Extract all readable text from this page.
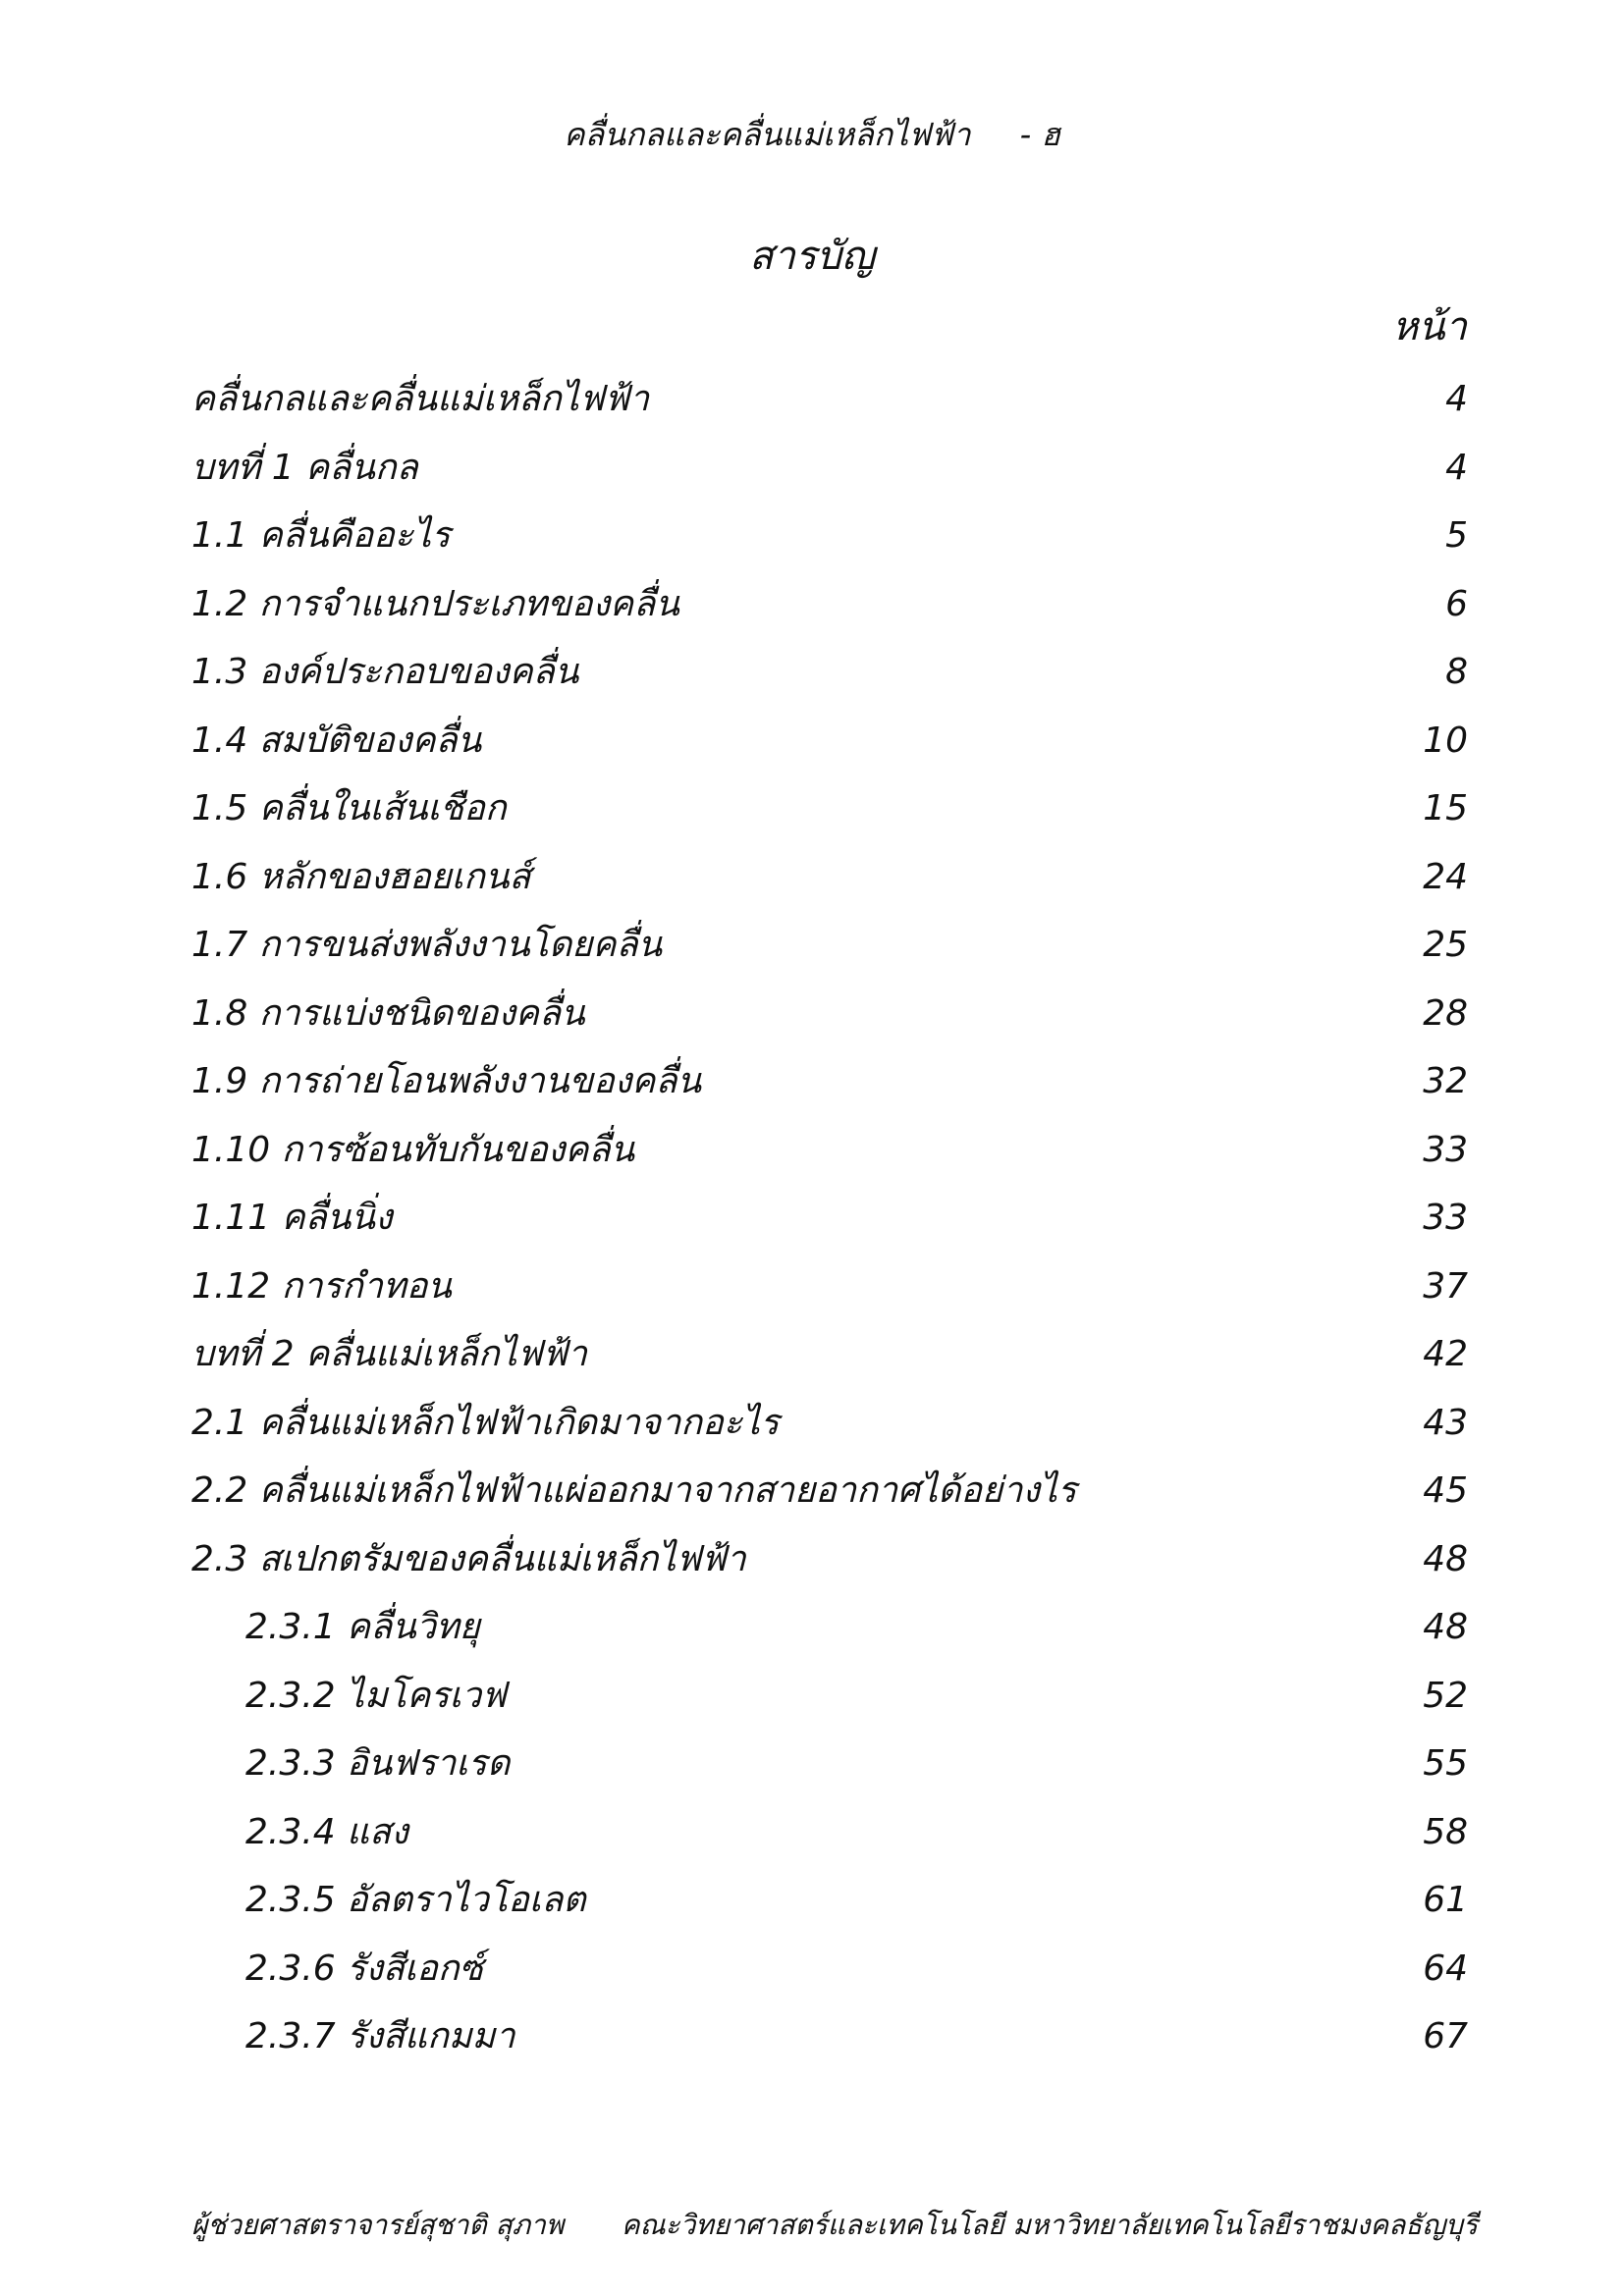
คลื่นกลและคลื่นแม่เหล็กไฟฟ้า - ฮ
สารบัญ
หน้า
คลื่นกลและคลื่นแม่เหล็กไฟฟ้า	4
บทที่ 1 คลื่นกล	4
1.1 คลื่นคืออะไร	5
1.2 การจำแนกประเภทของคลื่น	6
1.3 องค์ประกอบของคลื่น	8
1.4 สมบัติของคลื่น	10
1.5 คลื่นในเส้นเชือก	15
1.6 หลักของฮอยเกนส์	24
1.7 การขนส่งพลังงานโดยคลื่น	25
1.8 การแบ่งชนิดของคลื่น	28
1.9 การถ่ายโอนพลังงานของคลื่น	32
1.10 การซ้อนทับกันของคลื่น	33
1.11 คลื่นนิ่ง	33
1.12 การกำทอน	37
บทที่ 2 คลื่นแม่เหล็กไฟฟ้า	42
2.1 คลื่นแม่เหล็กไฟฟ้าเกิดมาจากอะไร	43
2.2 คลื่นแม่เหล็กไฟฟ้าแผ่ออกมาจากสายอากาศได้อย่างไร	45
2.3 สเปกตรัมของคลื่นแม่เหล็กไฟฟ้า	48
2.3.1 คลื่นวิทยุ	48
2.3.2 ไมโครเวฟ	52
2.3.3 อินฟราเรด	55
2.3.4 แสง	58
2.3.5 อัลตราไวโอเลต	61
2.3.6 รังสีเอกซ์	64
2.3.7 รังสีแกมมา	67
ผู้ช่วยศาสตราจารย์สุชาติ สุภาพ คณะวิทยาศาสตร์และเทคโนโลยี มหาวิทยาลัยเทคโนโลยีราชมงคลธัญบุรี
